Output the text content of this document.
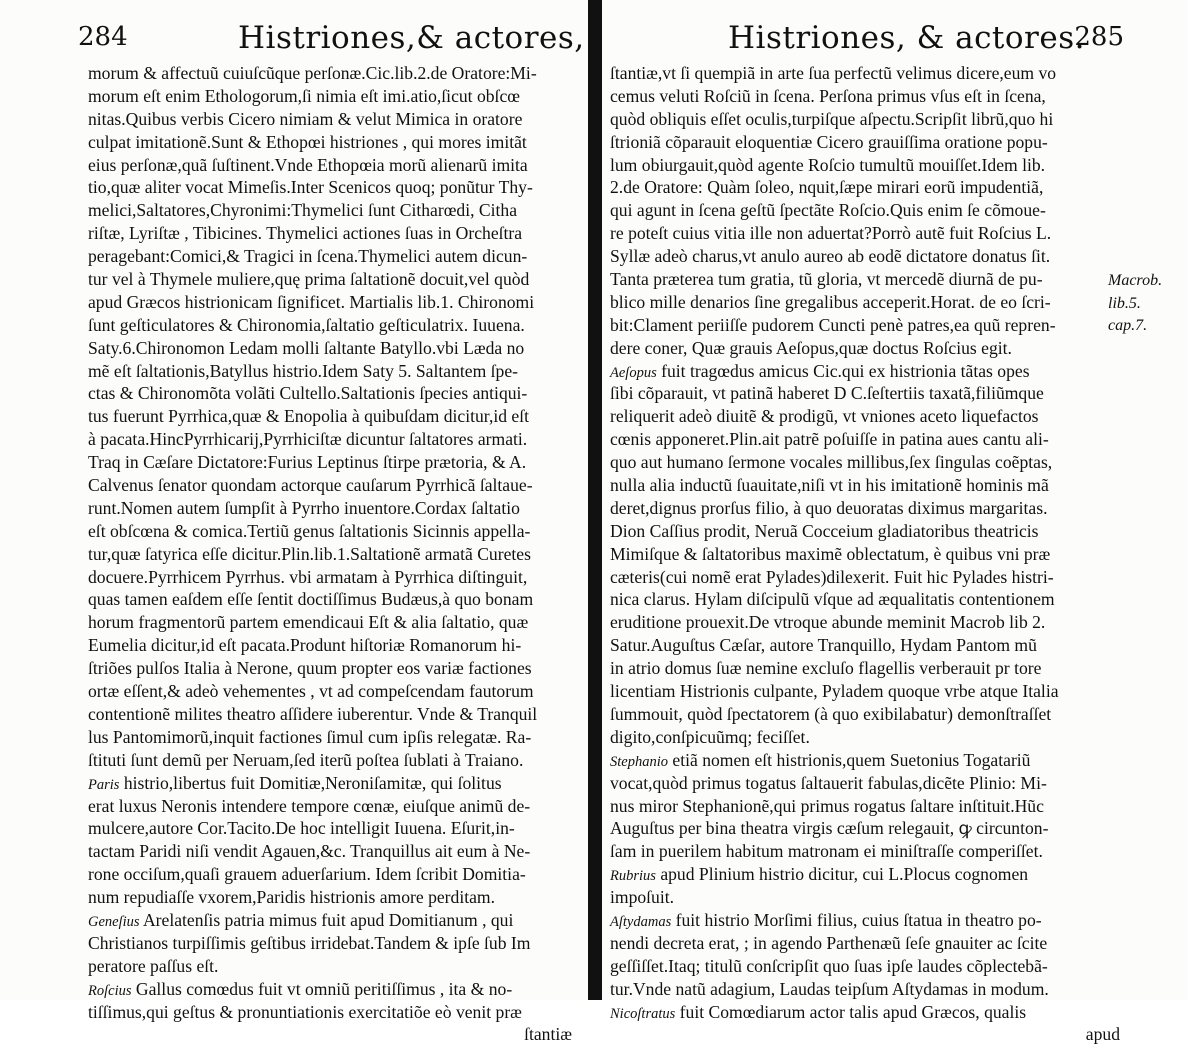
284	Histriones,& actores,
morum & affectuũ cuiuſcũque perſonæ.Cic.lib.2.de Oratore:Mi-
morum eſt enim Ethologorum,ſi nimia eſt imi.atio,ſicut obſcœ
nitas.Quibus verbis Cicero nimiam & velut Mimica in oratore
culpat imitationẽ.Sunt & Ethopœi histriones , qui mores imitãt
eius perſonæ,quã ſuſtinent.Vnde Ethopœia morũ alienarũ imita
tio,quæ aliter vocat Mimeſis.Inter Scenicos quoq; ponũtur Thy-
melici,Saltatores,Chyronimi:Thymelici ſunt Citharœdi, Citha
riſtæ, Lyriſtæ , Tibicines. Thymelici actiones ſuas in Orcheſtra
peragebant:Comici,& Tragici in ſcena.Thymelici autem dicun-
tur vel à Thymele muliere,quę prima ſaltationẽ docuit,vel quòd
apud Græcos histrionicam ſignificet. Martialis lib.1. Chironomi
ſunt geſticulatores & Chironomia,ſaltatio geſticulatrix. Iuuena.
Saty.6.Chironomon Ledam molli ſaltante Batyllo.vbi Læda no
mẽ eſt ſaltationis,Batyllus histrio.Idem Saty 5. Saltantem ſpe-
ctas & Chironomõta volãti Cultello.Saltationis ſpecies antiqui-
tus fuerunt Pyrrhica,quæ & Enopolia à quibuſdam dicitur,id eſt
à pacata.HincPyrrhicarij,Pyrrhiciſtæ dicuntur ſaltatores armati.
Traq in Cæſare Dictatore:Furius Leptinus ſtirpe prætoria, & A.
Calvenus ſenator quondam actorque cauſarum Pyrrhicã ſaltaue-
runt.Nomen autem ſumpſit à Pyrrho inuentore.Cordax ſaltatio
eſt obſcœna & comica.Tertiũ genus ſaltationis Sicinnis appella-
tur,quæ ſatyrica eſſe dicitur.Plin.lib.1.Saltationẽ armatã Curetes
docuere.Pyrrhicem Pyrrhus. vbi armatam à Pyrrhica diſtinguit,
quas tamen eaſdem eſſe ſentit doctiſſimus Budæus,à quo bonam
horum fragmentorũ partem emendicaui Eſt & alia ſaltatio, quæ
Eumelia dicitur,id eſt pacata.Produnt hiſtoriæ Romanorum hi-
ſtriões pulſos Italia à Nerone, quum propter eos variæ factiones
ortæ eſſent,& adeò vehementes , vt ad compeſcendam fautorum
contentionẽ milites theatro aſſidere iuberentur. Vnde & Tranquil
lus Pantomimorũ,inquit factiones ſimul cum ipſis relegatæ. Ra-
ſtituti ſunt demũ per Neruam,ſed iterũ poſtea ſublati à Traiano.
Paris histrio,libertus fuit Domitiæ,Neroniſamitæ, qui ſolitus
erat luxus Neronis intendere tempore cœnæ, eiuſque animũ de-
mulcere,autore Cor.Tacito.De hoc intelligit Iuuena. Eſurit,in-
tactam Paridi niſi vendit Agauen,&c. Tranquillus ait eum à Ne-
rone occiſum,quaſi grauem aduerſarium. Idem ſcribit Domitia-
num repudiaſſe vxorem,Paridis histrionis amore perditam.
Geneſius Arelatenſis patria mimus fuit apud Domitianum , qui
Christianos turpiſſimis geſtibus irridebat.Tandem & ipſe ſub Im
peratore paſſus eſt.
Roſcius Gallus comœdus fuit vt omniũ peritiſſimus , ita & no-
tiſſimus,qui geſtus & pronuntiationis exercitatiõe eò venit præ
ſtantiæ
Histriones, & actores.
285
ſtantiæ,vt ſi quempiã in arte ſua perfectũ velimus dicere,eum vo
cemus veluti Roſciũ in ſcena. Perſona primus vſus eſt in ſcena,
quòd obliquis eſſet oculis,turpiſque aſpectu.Scripſit librũ,quo hi
ſtrioniã cõparauit eloquentiæ Cicero grauiſſima oratione popu-
lum obiurgauit,quòd agente Roſcio tumultũ mouiſſet.Idem lib.
2.de Oratore: Quàm ſoleo, nquit,ſæpe mirari eorũ impudentiã,
qui agunt in ſcena geſtũ ſpectãte Roſcio.Quis enim ſe cõmoue-
re poteſt cuius vitia ille non aduertat?Porrò autẽ fuit Roſcius L.
Syllæ adeò charus,vt anulo aureo ab eodẽ dictatore donatus ſit.
Tanta præterea tum gratia, tũ gloria, vt mercedẽ diurnã de pu-
blico mille denarios ſine gregalibus acceperit.Horat. de eo ſcri-
bit:Clament periiſſe pudorem Cuncti penè patres,ea quũ repren-
dere coner, Quæ grauis Aeſopus,quæ doctus Roſcius egit.
Aeſopus fuit tragœdus amicus Cic.qui ex histrionia tãtas opes
ſibi cõparauit, vt patinã haberet D C.ſeſtertiis taxatã,filiũmque
reliquerit adeò diuitẽ & prodigũ, vt vniones aceto liquefactos
cœnis apponeret.Plin.ait patrẽ poſuiſſe in patina aues cantu ali-
quo aut humano ſermone vocales millibus,ſex ſingulas coẽptas,
nulla alia inductũ ſuauitate,niſi vt in his imitationẽ hominis mã
deret,dignus prorſus filio, à quo deuoratas diximus margaritas.
Dion Caſſius prodit, Neruã Cocceium gladiatoribus theatricis
Mimiſque & ſaltatoribus maximẽ oblectatum, è quibus vni præ
cæteris(cui nomẽ erat Pylades)dilexerit. Fuit hic Pylades histri-
nica clarus. Hylam diſcipulũ vſque ad æqualitatis contentionem
eruditione prouexit.De vtroque abunde meminit Macrob lib 2.
Satur.Auguſtus Cæſar, autore Tranquillo, Hydam Pantom mũ
in atrio domus ſuæ nemine excluſo flagellis verberauit pr tore
licentiam Histrionis culpante, Pyladem quoque vrbe atque Italia
ſummouit, quòd ſpectatorem (à quo exibilabatur) demonſtraſſet
digito,conſpicuũmq; feciſſet.
Stephanio etiã nomen eſt histrionis,quem Suetonius Togatariũ
vocat,quòd primus togatus ſaltauerit fabulas,dicẽte Plinio: Mi-
nus miror Stephanionẽ,qui primus rogatus ſaltare inſtituit.Hũc
Auguſtus per bina theatra virgis cæſum relegauit, ꝙ circunton-
ſam in puerilem habitum matronam ei miniſtraſſe comperiſſet.
Rubrius apud Plinium histrio dicitur, cui L.Plocus cognomen
impoſuit.
Aſtydamas fuit histrio Morſimi filius, cuius ſtatua in theatro po-
nendi decreta erat, ; in agendo Parthenæũ ſeſe gnauiter ac ſcite
geſſiſſet.Itaq; titulũ conſcripſit quo ſuas ipſe laudes cõplectebã-
tur.Vnde natũ adagium, Laudas teipſum Aſtydamas in modum.
Nicoſtratus fuit Comœdiarum actor talis apud Græcos, qualis
apud
Macrob.
lib.5.
cap.7.
